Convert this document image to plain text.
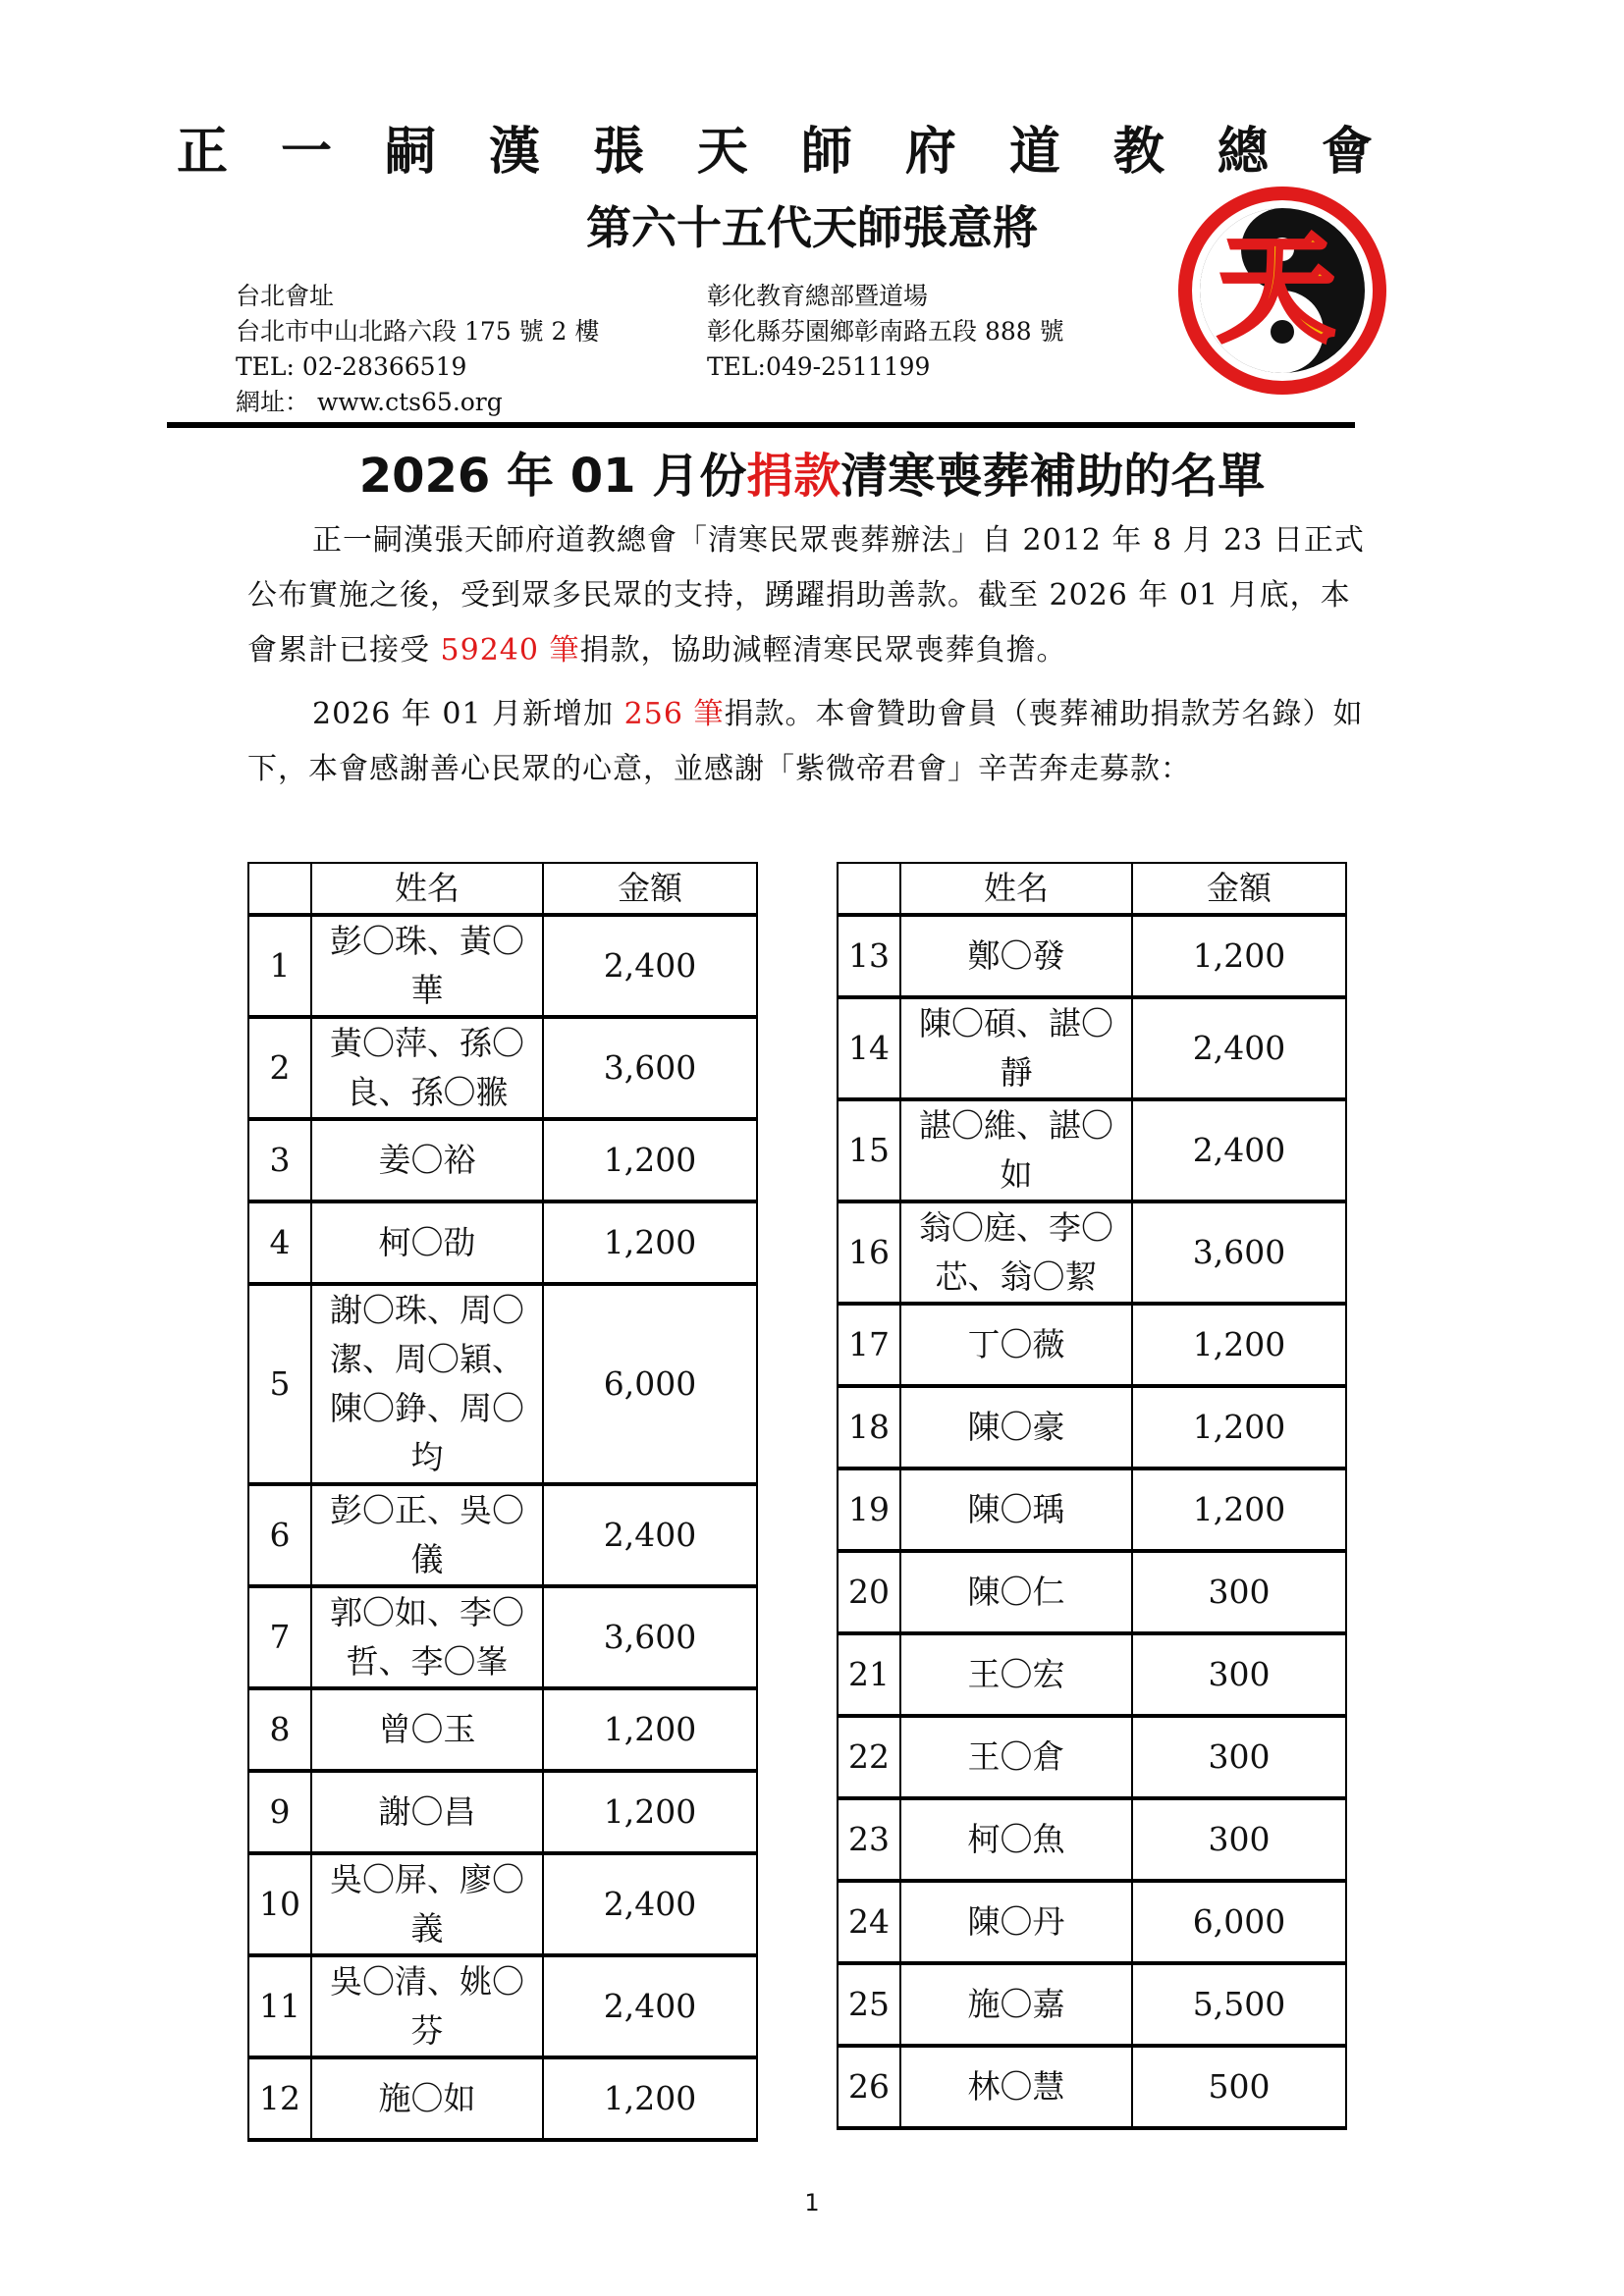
正 一 嗣 漢 張 天 師 府 道 教 總 會
第六十五代天師張意將
台北會址
台北市中山北路六段 175 號 2 樓
TEL: 02-28366519
網址： www.cts65.org
彰化教育總部暨道場
彰化縣芬園鄉彰南路五段 888 號
TEL:049-2511199
天
2026 年 01 月份捐款清寒喪葬補助的名單
正一嗣漢張天師府道教總會「清寒民眾喪葬辦法」自 2012 年 8 月 23 日正式公布實施之後，受到眾多民眾的支持，踴躍捐助善款。截至 2026 年 01 月底，本會累計已接受 59240 筆捐款，協助減輕清寒民眾喪葬負擔。
2026 年 01 月新增加 256 筆捐款。本會贊助會員（喪葬補助捐款芳名錄）如下，本會感謝善心民眾的心意，並感謝「紫微帝君會」辛苦奔走募款：
	姓名	金額
1	彭〇珠、黃〇華	2,400
2	黃〇萍、孫〇良、孫〇翭	3,600
3	姜〇裕	1,200
4	柯〇劭	1,200
5	謝〇珠、周〇潔、周〇穎、陳〇錚、周〇均	6,000
6	彭〇正、吳〇儀	2,400
7	郭〇如、李〇哲、李〇峯	3,600
8	曾〇玉	1,200
9	謝〇昌	1,200
10	吳〇屏、廖〇義	2,400
11	吳〇清、姚〇芬	2,400
12	施〇如	1,200
	姓名	金額
13	鄭〇發	1,200
14	陳〇碩、諶〇靜	2,400
15	諶〇維、諶〇如	2,400
16	翁〇庭、李〇芯、翁〇絜	3,600
17	丁〇薇	1,200
18	陳〇豪	1,200
19	陳〇瑀	1,200
20	陳〇仁	300
21	王〇宏	300
22	王〇倉	300
23	柯〇魚	300
24	陳〇丹	6,000
25	施〇嘉	5,500
26	林〇慧	500
1
